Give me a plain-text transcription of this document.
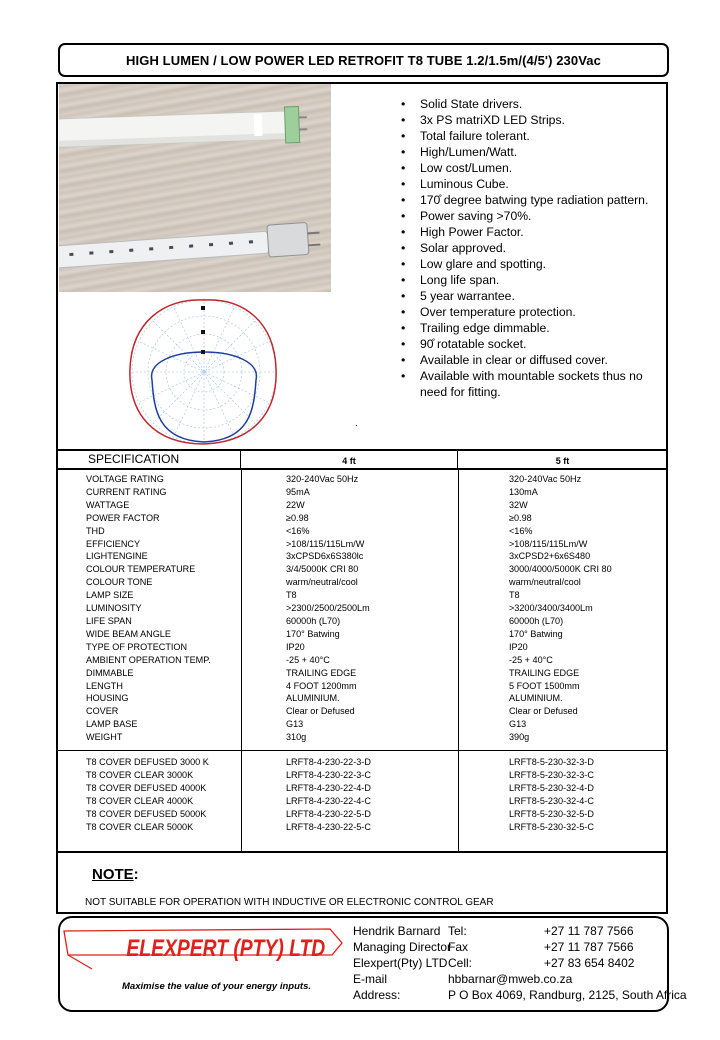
HIGH LUMEN / LOW POWER LED RETROFIT T8 TUBE 1.2/1.5m/(4/5') 230Vac
• Solid State drivers.
• 3x PS matriXD LED Strips.
• Total failure tolerant.
• High/Lumen/Watt.
• Low cost/Lumen.
• Luminous Cube.
• 170̊ degree batwing type radiation pattern.
• Power saving >70%.
• High Power Factor.
• Solar approved.
• Low glare and spotting.
• Long life span.
• 5 year warrantee.
• Over temperature protection.
• Trailing edge dimmable.
• 90̊ rotatable socket.
• Available in clear or diffused cover.
• Available with mountable sockets thus no need for fitting.
.
SPECIFICATION	4 ft	5 ft
VOLTAGE RATING
CURRENT RATING
WATTAGE
POWER FACTOR
THD
EFFICIENCY
LIGHTENGINE
COLOUR TEMPERATURE
COLOUR TONE
LAMP SIZE
LUMINOSITY
LIFE SPAN
WIDE BEAM ANGLE
TYPE OF PROTECTION
AMBIENT OPERATION TEMP.
DIMMABLE
LENGTH
HOUSING
COVER
LAMP BASE
WEIGHT
320-240Vac 50Hz
95mA
22W
≥0.98
<16%
>108/115/115Lm/W
3xCPSD6x6S380lc
3/4/5000K CRI 80
warm/neutral/cool
T8
>2300/2500/2500Lm
60000h (L70)
170° Batwing
IP20
-25 + 40°C
TRAILING EDGE
4 FOOT 1200mm
ALUMINIUM.
Clear or Defused
G13
310g
320-240Vac 50Hz
130mA
32W
≥0.98
<16%
>108/115/115Lm/W
3xCPSD2+6x6S480
3000/4000/5000K CRI 80
warm/neutral/cool
T8
>3200/3400/3400Lm
60000h (L70)
170° Batwing
IP20
-25 + 40°C
TRAILING EDGE
5 FOOT 1500mm
ALUMINIUM.
Clear or Defused
G13
390g
T8 COVER DEFUSED 3000 K
T8 COVER CLEAR 3000K
T8 COVER DEFUSED 4000K
T8 COVER CLEAR 4000K
T8 COVER DEFUSED 5000K
T8 COVER CLEAR 5000K
LRFT8-4-230-22-3-D
LRFT8-4-230-22-3-C
LRFT8-4-230-22-4-D
LRFT8-4-230-22-4-C
LRFT8-4-230-22-5-D
LRFT8-4-230-22-5-C
LRFT8-5-230-32-3-D
LRFT8-5-230-32-3-C
LRFT8-5-230-32-4-D
LRFT8-5-230-32-4-C
LRFT8-5-230-32-5-D
LRFT8-5-230-32-5-C
NOTE:
NOT SUITABLE FOR OPERATION WITH INDUCTIVE OR ELECTRONIC CONTROL GEAR
ELEXPERT (PTY) LTD
Maximise the value of your energy inputs.
Hendrik Barnard
Managing Director
Elexpert(Pty) LTD
E-mail
Address:
Tel:
Fax
Cell:
+27 11 787 7566
+27 11 787 7566
+27 83 654 8402
hbbarnar@mweb.co.za
P O Box 4069, Randburg, 2125, South Africa
